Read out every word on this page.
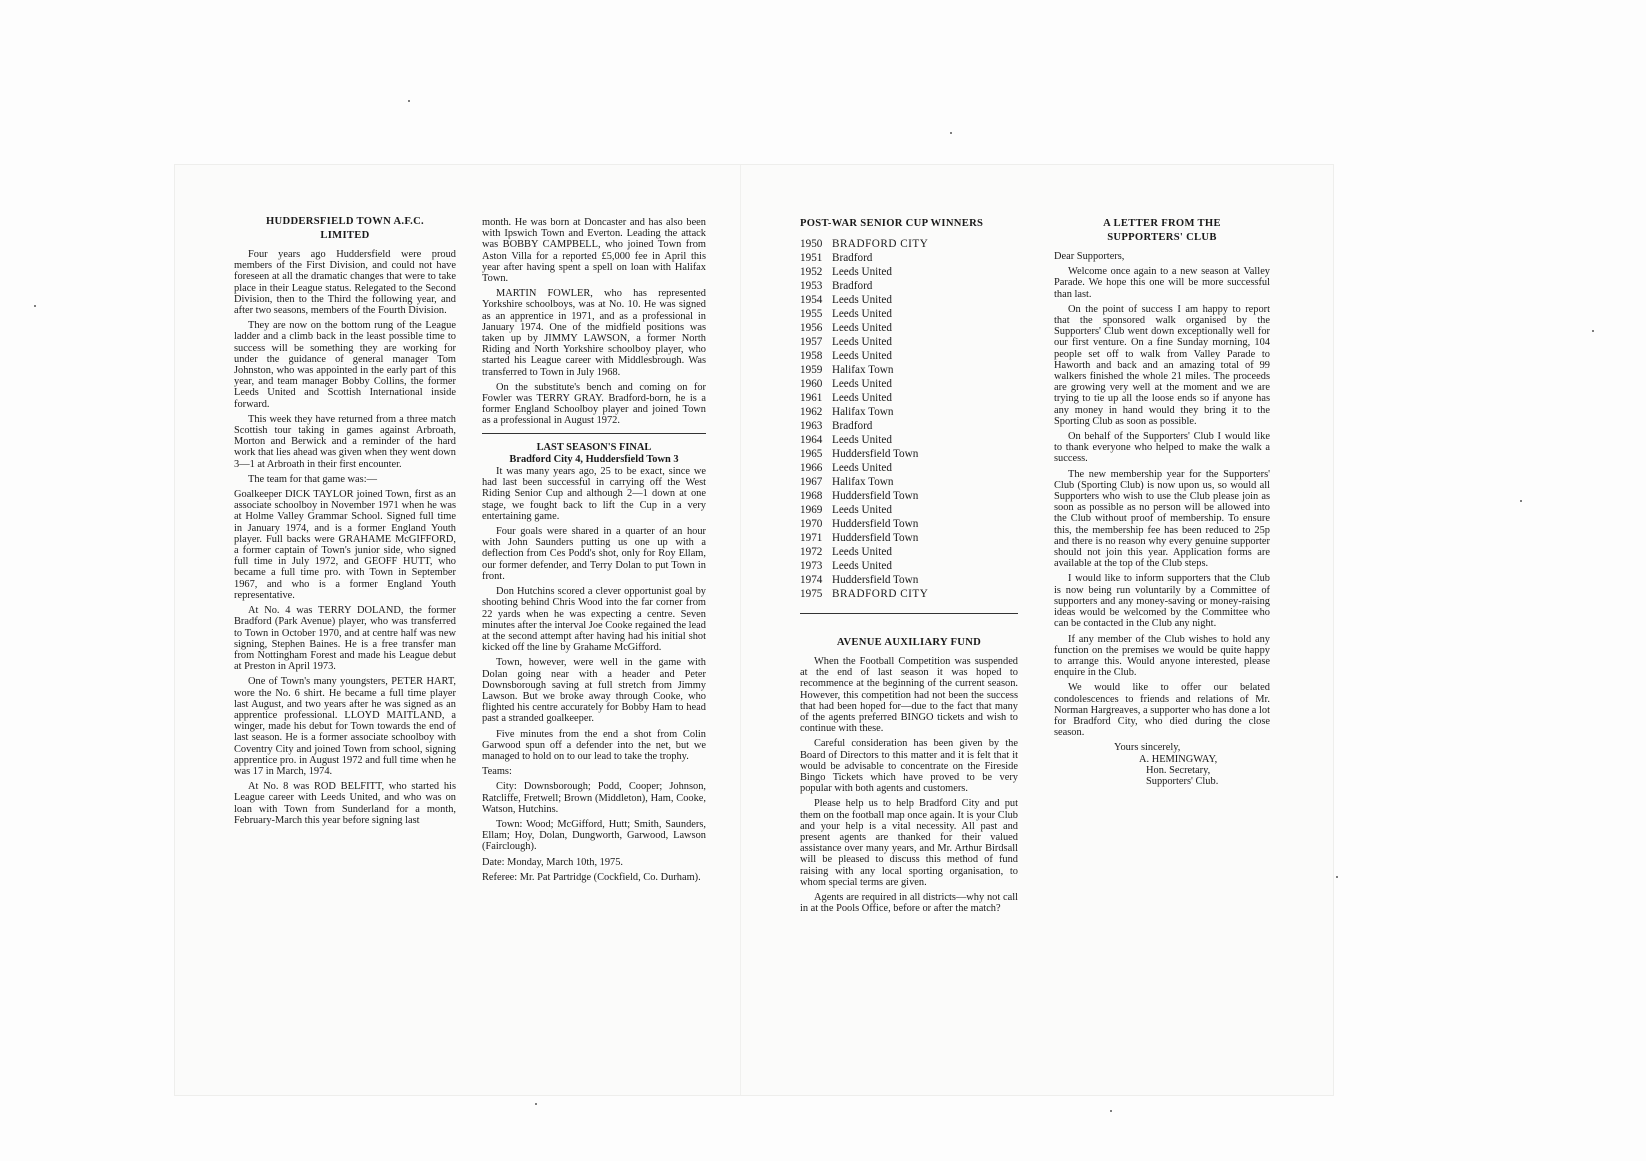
HUDDERSFIELD TOWN A.F.C.
LIMITED

Four years ago Huddersfield were proud members of the First Division, and could not have foreseen at all the dramatic changes that were to take place in their League status. Relegated to the Second Division, then to the Third the following year, and after two seasons, members of the Fourth Division.

They are now on the bottom rung of the League ladder and a climb back in the least possible time to success will be something they are working for under the guidance of general manager Tom Johnston, who was appointed in the early part of this year, and team manager Bobby Collins, the former Leeds United and Scottish International inside forward.

This week they have returned from a three match Scottish tour taking in games against Arbroath, Morton and Berwick and a reminder of the hard work that lies ahead was given when they went down 3—1 at Arbroath in their first encounter.

The team for that game was:—

Goalkeeper DICK TAYLOR joined Town, first as an associate schoolboy in November 1971 when he was at Holme Valley Grammar School. Signed full time in January 1974, and is a former England Youth player. Full backs were GRAHAME McGIFFORD, a former captain of Town's junior side, who signed full time in July 1972, and GEOFF HUTT, who became a full time pro. with Town in September 1967, and who is a former England Youth representative.

At No. 4 was TERRY DOLAND, the former Bradford (Park Avenue) player, who was transferred to Town in October 1970, and at centre half was new signing, Stephen Baines. He is a free transfer man from Nottingham Forest and made his League debut at Preston in April 1973.

One of Town's many youngsters, PETER HART, wore the No. 6 shirt. He became a full time player last August, and two years after he was signed as an apprentice professional. LLOYD MAITLAND, a winger, made his debut for Town towards the end of last season. He is a former associate schoolboy with Coventry City and joined Town from school, signing apprentice pro. in August 1972 and full time when he was 17 in March, 1974.

At No. 8 was ROD BELFITT, who started his League career with Leeds United, and who was on loan with Town from Sunderland for a month, February-March this year before signing last

month. He was born at Doncaster and has also been with Ipswich Town and Everton. Leading the attack was BOBBY CAMPBELL, who joined Town from Aston Villa for a reported £5,000 fee in April this year after having spent a spell on loan with Halifax Town.

MARTIN FOWLER, who has represented Yorkshire schoolboys, was at No. 10. He was signed as an apprentice in 1971, and as a professional in January 1974. One of the midfield positions was taken up by JIMMY LAWSON, a former North Riding and North Yorkshire schoolboy player, who started his League career with Middlesbrough. Was transferred to Town in July 1968.

On the substitute's bench and coming on for Fowler was TERRY GRAY. Bradford-born, he is a former England Schoolboy player and joined Town as a professional in August 1972.

LAST SEASON'S FINAL
Bradford City 4, Huddersfield Town 3

It was many years ago, 25 to be exact, since we had last been successful in carrying off the West Riding Senior Cup and although 2—1 down at one stage, we fought back to lift the Cup in a very entertaining game.

Four goals were shared in a quarter of an hour with John Saunders putting us one up with a deflection from Ces Podd's shot, only for Roy Ellam, our former defender, and Terry Dolan to put Town in front.

Don Hutchins scored a clever opportunist goal by shooting behind Chris Wood into the far corner from 22 yards when he was expecting a centre. Seven minutes after the interval Joe Cooke regained the lead at the second attempt after having had his initial shot kicked off the line by Grahame McGifford.

Town, however, were well in the game with Dolan going near with a header and Peter Downsborough saving at full stretch from Jimmy Lawson. But we broke away through Cooke, who flighted his centre accurately for Bobby Ham to head past a stranded goalkeeper.

Five minutes from the end a shot from Colin Garwood spun off a defender into the net, but we managed to hold on to our lead to take the trophy.

Teams:

City: Downsborough; Podd, Cooper; Johnson, Ratcliffe, Fretwell; Brown (Middleton), Ham, Cooke, Watson, Hutchins.

Town: Wood; McGifford, Hutt; Smith, Saunders, Ellam; Hoy, Dolan, Dungworth, Garwood, Lawson (Fairclough).

Date: Monday, March 10th, 1975.

Referee: Mr. Pat Partridge (Cockfield, Co. Durham).

POST-WAR SENIOR CUP WINNERS
1950 BRADFORD CITY
1951 Bradford
1952 Leeds United
1953 Bradford
1954 Leeds United
1955 Leeds United
1956 Leeds United
1957 Leeds United
1958 Leeds United
1959 Halifax Town
1960 Leeds United
1961 Leeds United
1962 Halifax Town
1963 Bradford
1964 Leeds United
1965 Huddersfield Town
1966 Leeds United
1967 Halifax Town
1968 Huddersfield Town
1969 Leeds United
1970 Huddersfield Town
1971 Huddersfield Town
1972 Leeds United
1973 Leeds United
1974 Huddersfield Town
1975 BRADFORD CITY
AVENUE AUXILIARY FUND

When the Football Competition was suspended at the end of last season it was hoped to recommence at the beginning of the current season. However, this competition had not been the success that had been hoped for—due to the fact that many of the agents preferred BINGO tickets and wish to continue with these.

Careful consideration has been given by the Board of Directors to this matter and it is felt that it would be advisable to concentrate on the Fireside Bingo Tickets which have proved to be very popular with both agents and customers.

Please help us to help Bradford City and put them on the football map once again. It is your Club and your help is a vital necessity. All past and present agents are thanked for their valued assistance over many years, and Mr. Arthur Birdsall will be pleased to discuss this method of fund raising with any local sporting organisation, to whom special terms are given.

Agents are required in all districts—why not call in at the Pools Office, before or after the match?

A LETTER FROM THE
SUPPORTERS' CLUB

Dear Supporters,

Welcome once again to a new season at Valley Parade. We hope this one will be more successful than last.

On the point of success I am happy to report that the sponsored walk organised by the Supporters' Club went down exceptionally well for our first venture. On a fine Sunday morning, 104 people set off to walk from Valley Parade to Haworth and back and an amazing total of 99 walkers finished the whole 21 miles. The proceeds are growing very well at the moment and we are trying to tie up all the loose ends so if anyone has any money in hand would they bring it to the Sporting Club as soon as possible.

On behalf of the Supporters' Club I would like to thank everyone who helped to make the walk a success.

The new membership year for the Supporters' Club (Sporting Club) is now upon us, so would all Supporters who wish to use the Club please join as soon as possible as no person will be allowed into the Club without proof of membership. To ensure this, the membership fee has been reduced to 25p and there is no reason why every genuine supporter should not join this year. Application forms are available at the top of the Club steps.

I would like to inform supporters that the Club is now being run voluntarily by a Committee of supporters and any money-saving or money-raising ideas would be welcomed by the Committee who can be contacted in the Club any night.

If any member of the Club wishes to hold any function on the premises we would be quite happy to arrange this. Would anyone interested, please enquire in the Club.

We would like to offer our belated condolescences to friends and relations of Mr. Norman Hargreaves, a supporter who has done a lot for Bradford City, who died during the close season.

Yours sincerely,
A. HEMINGWAY,
Hon. Secretary,
Supporters' Club.
